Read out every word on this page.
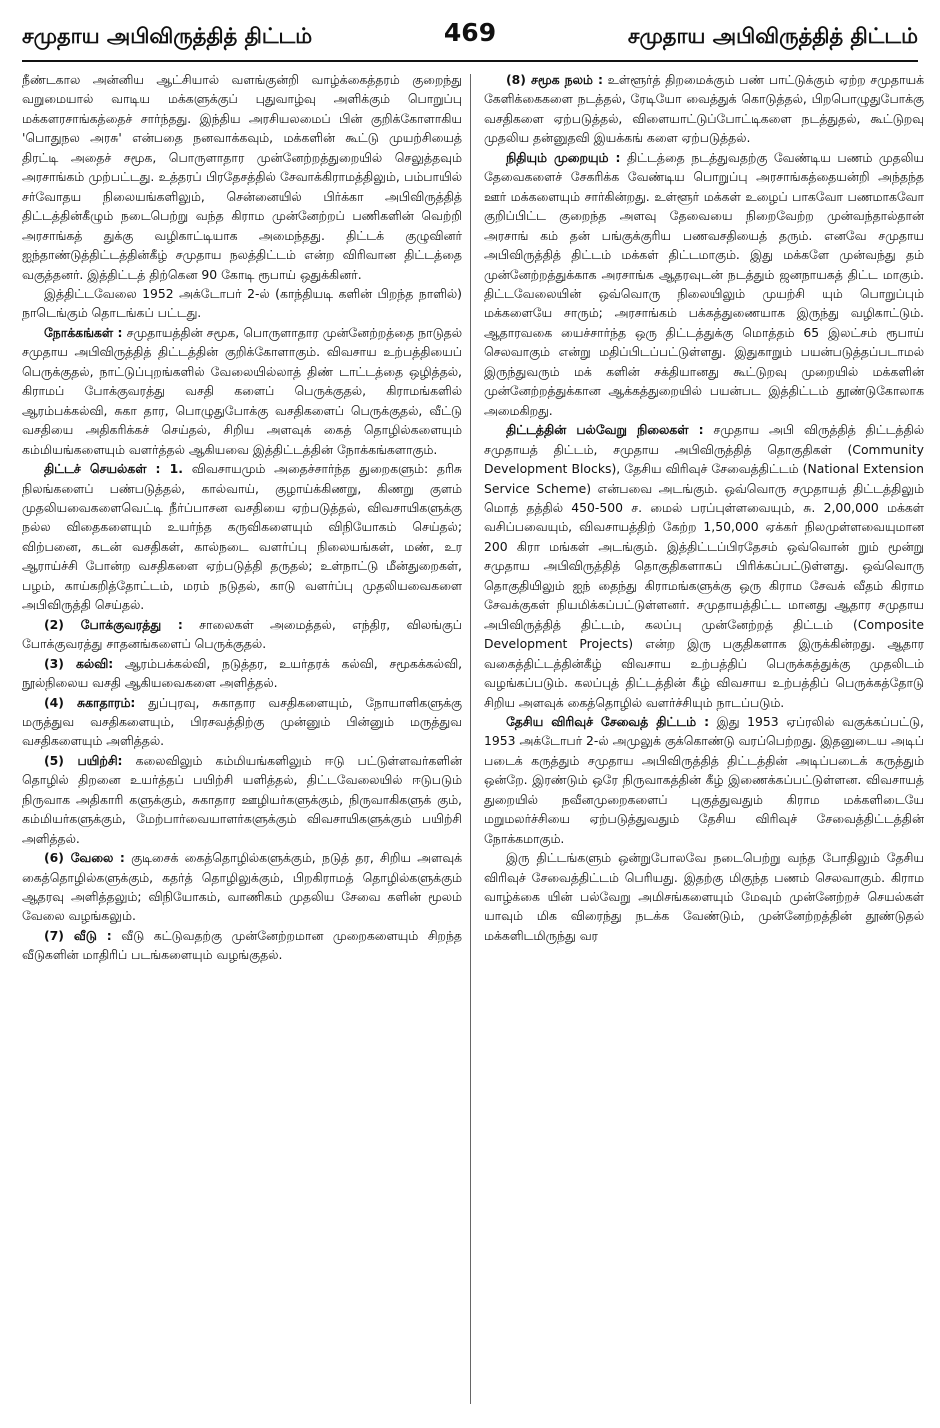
சமுதாய அபிவிருத்தித் திட்டம்	469	சமுதாய அபிவிருத்தித் திட்டம்

நீண்டகால அன்னிய ஆட்சியால் வளங்குன்றி வாழ்க்கைத்தரம் குறைந்து வறுமையால் வாடிய மக்களுக்குப் புதுவாழ்வு அளிக்கும் பொறுப்பு மக்களரசாங்கத்தைச் சார்ந்தது. இந்திய அரசியலமைப் பின் குறிக்கோளாகிய 'பொதுநல அரசு' என்பதை நனவாக்கவும், மக்களின் கூட்டு முயற்சியைத் திரட்டி அதைச் சமூக, பொருளாதார முன்னேற்றத்துறையில் செலுத்தவும் அரசாங்கம் முற்பட்டது. உத்தரப் பிரதேசத்தில் சேவாக்கிராமத்திலும், பம்பாயில் சர்வோதய நிலையங்களிலும், சென்னையில் பிர்க்கா அபிவிருத்தித் திட்டத்தின்கீழும் நடைபெற்று வந்த கிராம முன்னேற்றப் பணிகளின் வெற்றி அரசாங்கத் துக்கு வழிகாட்டியாக அமைந்தது. திட்டக் குழுவினர் ஐந்தாண்டுத்திட்டத்தின்கீழ் சமுதாய நலத்திட்டம் என்ற விரிவான திட்டத்தை வகுத்தனர். இத்திட்டத் திற்கென 90 கோடி ரூபாய் ஒதுக்கினர்.

இத்திட்டவேலை 1952 அக்டோபர் 2-ல் (காந்தியடி களின் பிறந்த நாளில்) நாடெங்கும் தொடங்கப் பட்டது.

நோக்கங்கள் : சமுதாயத்தின் சமூக, பொருளாதார முன்னேற்றத்தை நாடுதல் சமுதாய அபிவிருத்தித் திட்டத்தின் குறிக்கோளாகும். விவசாய உற்பத்தியைப் பெருக்குதல், நாட்டுப்புறங்களில் வேலையில்லாத் திண் டாட்டத்தை ஒழித்தல், கிராமப் போக்குவரத்து வசதி களைப் பெருக்குதல், கிராமங்களில் ஆரம்பக்கல்வி, சுகா தார, பொழுதுபோக்கு வசதிகளைப் பெருக்குதல், வீட்டு வசதியை அதிகரிக்கச் செய்தல், சிறிய அளவுக் கைத் தொழில்களையும் கம்மியங்களையும் வளர்த்தல் ஆகியவை இத்திட்டத்தின் நோக்கங்களாகும்.

திட்டச் செயல்கள் : 1. விவசாயமும் அதைச்சார்ந்த துறைகளும்: தரிசு நிலங்களைப் பண்படுத்தல், கால்வாய், குழாய்க்கிணறு, கிணறு குளம் முதலியவைகளைவெட்டி நீர்ப்பாசன வசதியை ஏற்படுத்தல், விவசாயிகளுக்கு நல்ல விதைகளையும் உயர்ந்த கருவிகளையும் விநியோகம் செய்தல்; விற்பனை, கடன் வசதிகள், கால்நடை வளர்ப்பு நிலையங்கள், மண், உர ஆராய்ச்சி போன்ற வசதிகளை ஏற்படுத்தி தருதல்; உள்நாட்டு மீன்துறைகள், பழம், காய்கறித்தோட்டம், மரம் நடுதல், காடு வளர்ப்பு முதலியவைகளை அபிவிருத்தி செய்தல்.

(2) போக்குவரத்து : சாலைகள் அமைத்தல், எந்திர, விலங்குப் போக்குவரத்து சாதனங்களைப் பெருக்குதல்.

(3) கல்வி: ஆரம்பக்கல்வி, நடுத்தர, உயர்தரக் கல்வி, சமூகக்கல்வி, நூல்நிலைய வசதி ஆகியவைகளை அளித்தல்.

(4) சுகாதாரம்: துப்புரவு, சுகாதார வசதிகளையும், நோயாளிகளுக்கு மருத்துவ வசதிகளையும், பிரசவத்திற்கு முன்னும் பின்னும் மருத்துவ வசதிகளையும் அளித்தல்.

(5) பயிற்சி: கலைவிலும் கம்மியங்களிலும் ஈடு பட்டுள்ளவர்களின் தொழில் திறனை உயர்த்தப் பயிற்சி யளித்தல், திட்டவேலையில் ஈடுபடும் நிருவாக அதிகாரி களுக்கும், சுகாதார ஊழியர்களுக்கும், நிருவாகிகளுக் கும், கம்மியர்களுக்கும், மேற்பார்வையாளர்களுக்கும் விவசாயிகளுக்கும் பயிற்சி அளித்தல்.

(6) வேலை : குடிசைக் கைத்தொழில்களுக்கும், நடுத் தர, சிறிய அளவுக் கைத்தொழில்களுக்கும், கதர்த் தொழிலுக்கும், பிறகிராமத் தொழில்களுக்கும் ஆதரவு அளித்தலும்; விநியோகம், வாணிகம் முதலிய சேவை களின் மூலம் வேலை வழங்கலும்.

(7) வீடு : வீடு கட்டுவதற்கு முன்னேற்றமான முறைகளையும் சிறந்த வீடுகளின் மாதிரிப் படங்களையும் வழங்குதல்.

(8) சமூக நலம் : உள்ளூர்த் திறமைக்கும் பண் பாட்டுக்கும் ஏற்ற சமுதாயக் கேளிக்கைகளை நடத்தல், ரேடியோ வைத்துக் கொடுத்தல், பிறபொழுதுபோக்கு வசதிகளை ஏற்படுத்தல், விளையாட்டுப்போட்டிகளை நடத்துதல், கூட்டுறவு முதலிய தன்னுதவி இயக்கங் களை ஏற்படுத்தல்.

நிதியும் முறையும் : திட்டத்தை நடத்துவதற்கு வேண்டிய பணம் முதலிய தேவைகளைச் சேகரிக்க வேண்டிய பொறுப்பு அரசாங்கத்தையன்றி அந்தந்த ஊர் மக்களையும் சார்கின்றது. உள்ளூர் மக்கள் உழைப் பாகவோ பணமாகவோ குறிப்பிட்ட குறைந்த அளவு தேவையை நிறைவேற்ற முன்வந்தால்தான் அரசாங் கம் தன் பங்குக்குரிய பணவசதியைத் தரும். எனவே சமுதாய அபிவிருத்தித் திட்டம் மக்கள் திட்டமாகும். இது மக்களே முன்வந்து தம் முன்னேற்றத்துக்காக அரசாங்க ஆதரவுடன் நடத்தும் ஜனநாயகத் திட்ட மாகும். திட்டவேலையின் ஒவ்வொரு நிலையிலும் முயற்சி யும் பொறுப்பும் மக்களையே சாரும்; அரசாங்கம் பக்கத்துணையாக இருந்து வழிகாட்டும். ஆதாரவகை யைச்சார்ந்த ஒரு திட்டத்துக்கு மொத்தம் 65 இலட்சம் ரூபாய் செலவாகும் என்று மதிப்பிடப்பட்டுள்ளது. இதுகாறும் பயன்படுத்தப்படாமல் இருந்துவரும் மக் களின் சக்தியானது கூட்டுறவு முறையில் மக்களின் முன்னேற்றத்துக்கான ஆக்கத்துறையில் பயன்பட இத்திட்டம் தூண்டுகோலாக அமைகிறது.

திட்டத்தின் பல்வேறு நிலைகள் : சமுதாய அபி விருத்தித் திட்டத்தில் சமுதாயத் திட்டம், சமுதாய அபிவிருத்தித் தொகுதிகள் (Community Development Blocks), தேசிய விரிவுச் சேவைத்திட்டம் (National Extension Service Scheme) என்பவை அடங்கும். ஒவ்வொரு சமுதாயத் திட்டத்திலும் மொத் தத்தில் 450-500 ச. மைல் பரப்புள்ளவையும், சு. 2,00,000 மக்கள் வசிப்பவையும், விவசாயத்திற் கேற்ற 1,50,000 ஏக்கர் நிலமுள்ளவையுமான 200 கிரா மங்கள் அடங்கும். இத்திட்டப்பிரதேசம் ஒவ்வொன் றும் மூன்று சமுதாய அபிவிருத்தித் தொகுதிகளாகப் பிரிக்கப்பட்டுள்ளது. ஒவ்வொரு தொகுதியிலும் ஐந் தைந்து கிராமங்களுக்கு ஒரு கிராம சேவக் வீதம் கிராம சேவக்குகள் நியமிக்கப்பட்டுள்ளனர். சமுதாயத்திட்ட மானது ஆதார சமுதாய அபிவிருத்தித் திட்டம், கலப்பு முன்னேற்றத் திட்டம் (Composite Development Projects) என்ற இரு பகுதிகளாக இருக்கின்றது. ஆதார வகைத்திட்டத்தின்கீழ் விவசாய உற்பத்திப் பெருக்கத்துக்கு முதலிடம் வழங்கப்படும். கலப்புத் திட்டத்தின் கீழ் விவசாய உற்பத்திப் பெருக்கத்தோடு சிறிய அளவுக் கைத்தொழில் வளர்ச்சியும் நாடப்படும்.

தேசிய விரிவுச் சேவைத் திட்டம் : இது 1953 ஏப்ரலில் வகுக்கப்பட்டு, 1953 அக்டோபர் 2-ல் அமுலுக் குக்கொண்டு வரப்பெற்றது. இதனுடைய அடிப் படைக் கருத்தும் சமுதாய அபிவிருத்தித் திட்டத்தின் அடிப்படைக் கருத்தும் ஒன்றே. இரண்டும் ஒரே நிருவாகத்தின் கீழ் இணைக்கப்பட்டுள்ளன. விவசாயத் துறையில் நவீனமுறைகளைப் புகுத்துவதும் கிராம மக்களிடையே மறுமலர்ச்சியை ஏற்படுத்துவதும் தேசிய விரிவுச் சேவைத்திட்டத்தின் நோக்கமாகும்.

இரு திட்டங்களும் ஒன்றுபோலவே நடைபெற்று வந்த போதிலும் தேசிய விரிவுச் சேவைத்திட்டம் பெரியது. இதற்கு மிகுந்த பணம் செலவாகும். கிராம வாழ்க்கை யின் பல்வேறு அமிசங்களையும் மேவும் முன்னேற்றச் செயல்கள் யாவும் மிக விரைந்து நடக்க வேண்டும், முன்னேற்றத்தின் தூண்டுதல் மக்களிடமிருந்து வர
